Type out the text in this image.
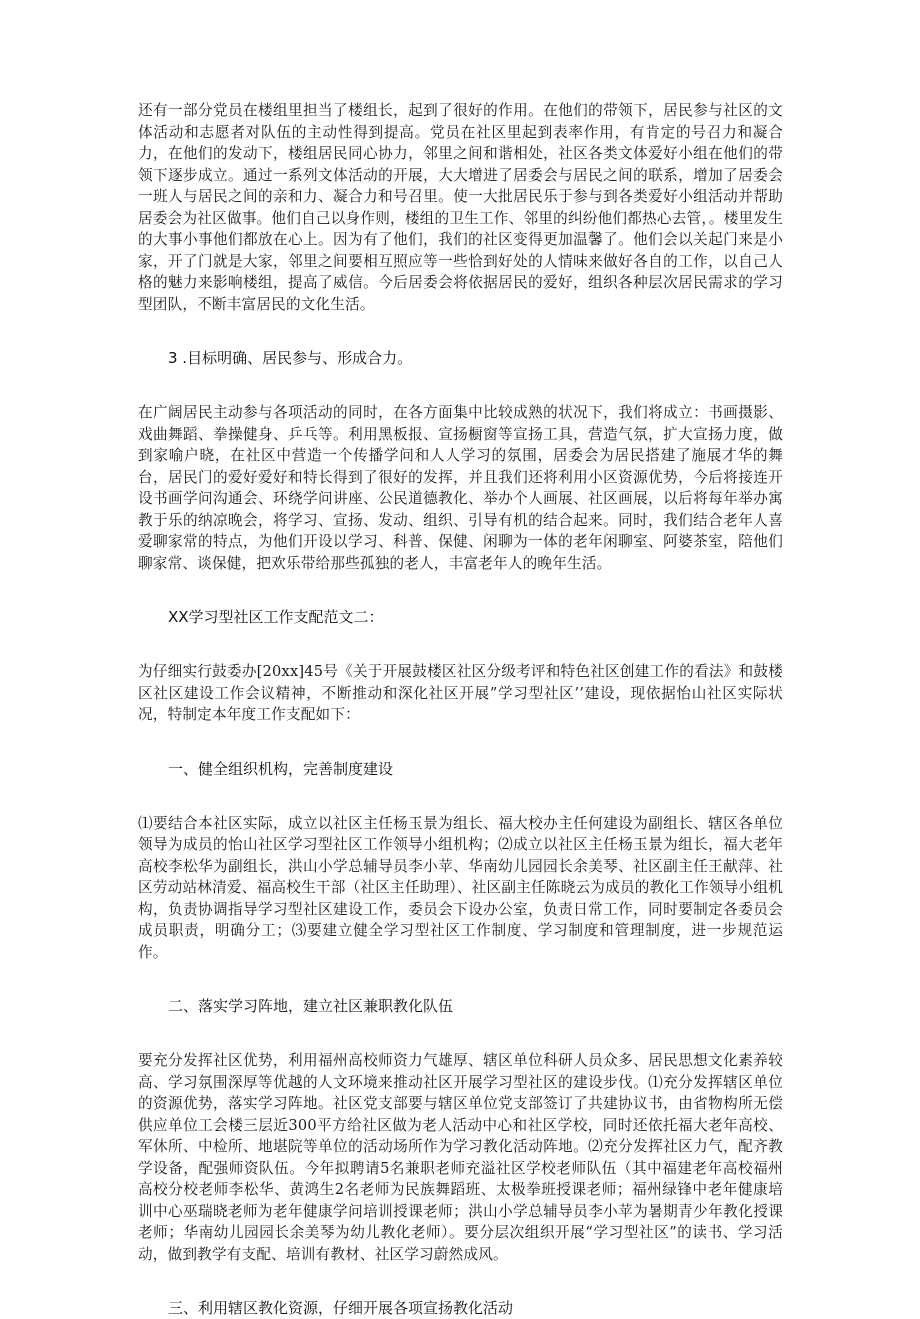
还有一部分党员在楼组里担当了楼组长，起到了很好的作用。在他们的带领下，居民参与社区的文体活动和志愿者对队伍的主动性得到提高。党员在社区里起到表率作用，有肯定的号召力和凝合力，在他们的发动下，楼组居民同心协力，邻里之间和谐相处，社区各类文体爱好小组在他们的带领下逐步成立。通过一系列文体活动的开展，大大增进了居委会与居民之间的联系，增加了居委会一班人与居民之间的亲和力、凝合力和号召里。使一大批居民乐于参与到各类爱好小组活动并帮助居委会为社区做事。他们自己以身作则，楼组的卫生工作、邻里的纠纷他们都热心去管，。楼里发生的大事小事他们都放在心上。因为有了他们，我们的社区变得更加温馨了。他们会以关起门来是小家，开了门就是大家，邻里之间要相互照应等一些恰到好处的人情味来做好各自的工作，以自己人格的魅力来影响楼组，提高了威信。今后居委会将依据居民的爱好，组织各种层次居民需求的学习型团队，不断丰富居民的文化生活。

3 .目标明确、居民参与、形成合力。

在广阔居民主动参与各项活动的同时，在各方面集中比较成熟的状况下，我们将成立：书画摄影、戏曲舞蹈、拳操健身、乒乓等。利用黑板报、宣扬橱窗等宣扬工具，营造气氛，扩大宣扬力度，做到家喻户晓，在社区中营造一个传播学问和人人学习的氛围，居委会为居民搭建了施展才华的舞台，居民门的爱好爱好和特长得到了很好的发挥，并且我们还将利用小区资源优势，今后将接连开设书画学问沟通会、环绕学问讲座、公民道德教化、举办个人画展、社区画展，以后将每年举办寓教于乐的纳凉晚会，将学习、宣扬、发动、组织、引导有机的结合起来。同时，我们结合老年人喜爱聊家常的特点，为他们开设以学习、科普、保健、闲聊为一体的老年闲聊室、阿婆茶室，陪他们聊家常、谈保健，把欢乐带给那些孤独的老人，丰富老年人的晚年生活。

XX学习型社区工作支配范文二：

为仔细实行鼓委办[20xx]45号《关于开展鼓楼区社区分级考评和特色社区创建工作的看法》和鼓楼区社区建设工作会议精神，不断推动和深化社区开展”学习型社区’’建设，现依据怡山社区实际状况，特制定本年度工作支配如下：

一、健全组织机构，完善制度建设

⑴要结合本社区实际，成立以社区主任杨玉景为组长、福大校办主任何建设为副组长、辖区各单位领导为成员的怡山社区学习型社区工作领导小组机构；⑵成立以社区主任杨玉景为组长，福大老年高校李松华为副组长，洪山小学总辅导员李小苹、华南幼儿园园长余美琴、社区副主任王献萍、社区劳动站林清爱、福高校生干部（社区主任助理）、社区副主任陈晓云为成员的教化工作领导小组机构，负责协调指导学习型社区建设工作，委员会下设办公室，负责日常工作，同时要制定各委员会成员职责，明确分工；⑶要建立健全学习型社区工作制度、学习制度和管理制度，进一步规范运作。

二、落实学习阵地，建立社区兼职教化队伍

要充分发挥社区优势，利用福州高校师资力气雄厚、辖区单位科研人员众多、居民思想文化素养较高、学习氛围深厚等优越的人文环境来推动社区开展学习型社区的建设步伐。⑴充分发挥辖区单位的资源优势，落实学习阵地。社区党支部要与辖区单位党支部签订了共建协议书，由省物构所无偿供应单位工会楼三层近300平方给社区做为老人活动中心和社区学校，同时还依托福大老年高校、军休所、中检所、地堪院等单位的活动场所作为学习教化活动阵地。⑵充分发挥社区力气，配齐教学设备，配强师资队伍。今年拟聘请5名兼职老师充溢社区学校老师队伍（其中福建老年高校福州高校分校老师李松华、黄鸿生2名老师为民族舞蹈班、太极拳班授课老师；福州绿锋中老年健康培训中心巫瑞晓老师为老年健康学问培训授课老师；洪山小学总辅导员李小苹为暑期青少年教化授课老师；华南幼儿园园长余美琴为幼儿教化老师）。要分层次组织开展“学习型社区”的读书、学习活动，做到教学有支配、培训有教材、社区学习蔚然成风。

三、利用辖区教化资源，仔细开展各项宣扬教化活动
